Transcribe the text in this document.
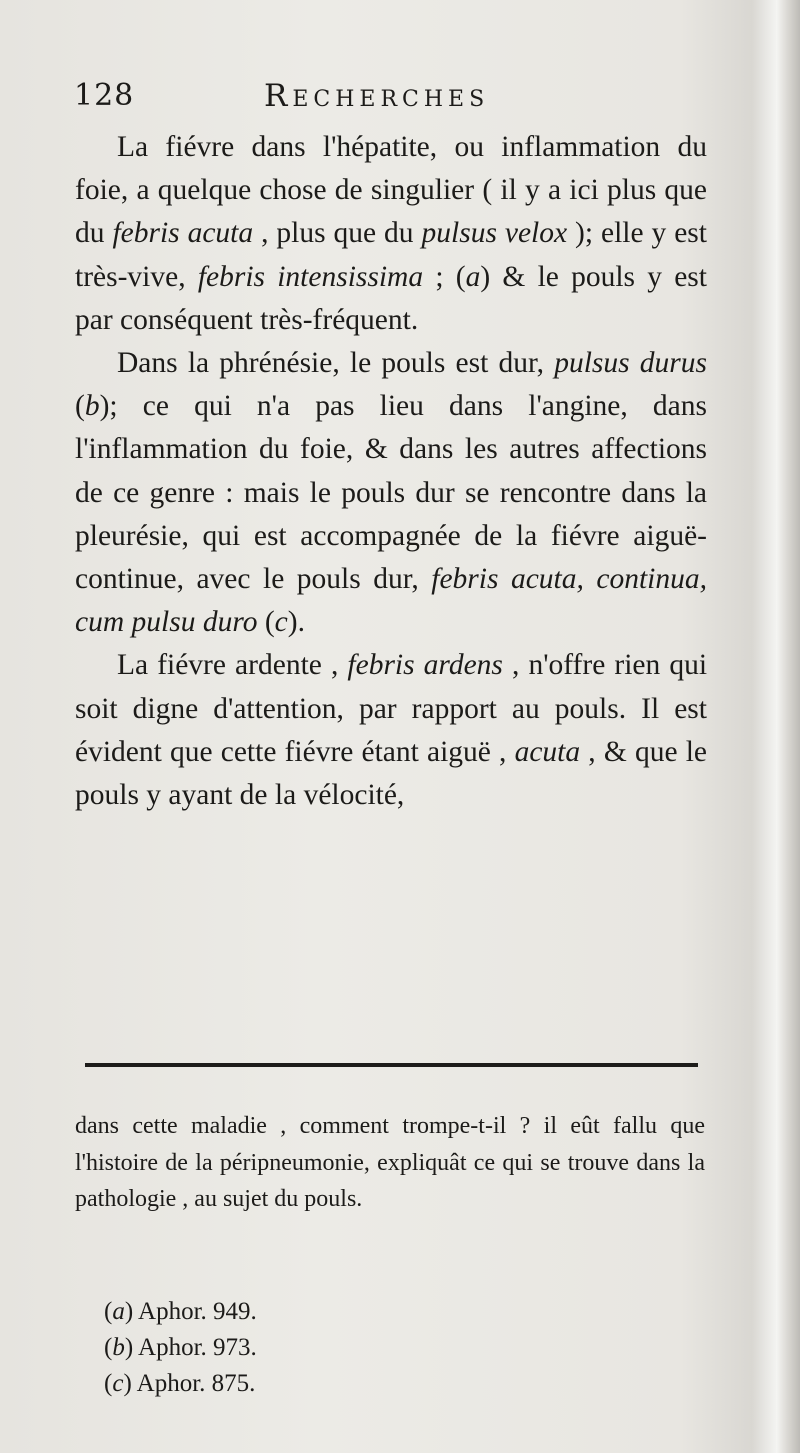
128	Recherches

La fiévre dans l'hépatite, ou inflammation du foie, a quelque chose de singulier ( il y a ici plus que du febris acuta , plus que du pulsus velox ); elle y est très-vive, febris intensissima ; (a) & le pouls y est par conséquent très-fréquent.

Dans la phrénésie, le pouls est dur, pulsus durus (b); ce qui n'a pas lieu dans l'angine, dans l'inflammation du foie, & dans les autres affections de ce genre : mais le pouls dur se rencontre dans la pleurésie, qui est accompagnée de la fiévre aiguë-continue, avec le pouls dur, febris acuta, continua, cum pulsu duro (c).

La fiévre ardente , febris ardens , n'offre rien qui soit digne d'attention, par rapport au pouls. Il est évident que cette fiévre étant aiguë , acuta , & que le pouls y ayant de la vélocité,

dans cette maladie , comment trompe-t-il ? il eût fallu que l'histoire de la péripneumonie, expliquât ce qui se trouve dans la pathologie , au sujet du pouls.

(a) Aphor. 949.
(b) Aphor. 973.
(c) Aphor. 875.
